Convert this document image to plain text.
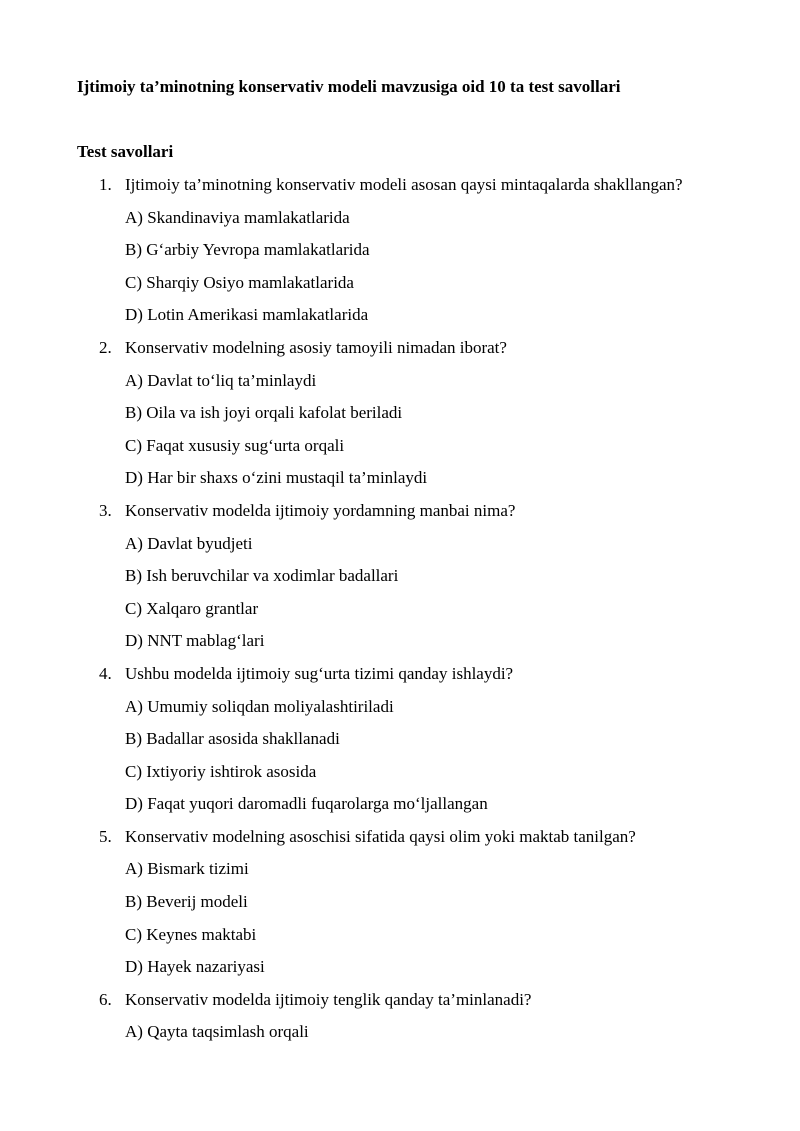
Ijtimoiy ta’minotning konservativ modeli mavzusiga oid 10 ta test savollari
Test savollari
1. Ijtimoiy ta’minotning konservativ modeli asosan qaysi mintaqalarda shakllangan?
A) Skandinaviya mamlakatlarida
B) G‘arbiy Yevropa mamlakatlarida
C) Sharqiy Osiyo mamlakatlarida
D) Lotin Amerikasi mamlakatlarida
2. Konservativ modelning asosiy tamoyili nimadan iborat?
A) Davlat to‘liq ta’minlaydi
B) Oila va ish joyi orqali kafolat beriladi
C) Faqat xususiy sug‘urta orqali
D) Har bir shaxs o‘zini mustaqil ta’minlaydi
3. Konservativ modelda ijtimoiy yordamning manbai nima?
A) Davlat byudjeti
B) Ish beruvchilar va xodimlar badallari
C) Xalqaro grantlar
D) NNT mablag‘lari
4. Ushbu modelda ijtimoiy sug‘urta tizimi qanday ishlaydi?
A) Umumiy soliqdan moliyalashtiriladi
B) Badallar asosida shakllanadi
C) Ixtiyoriy ishtirok asosida
D) Faqat yuqori daromadli fuqarolarga mo‘ljallangan
5. Konservativ modelning asoschisi sifatida qaysi olim yoki maktab tanilgan?
A) Bismark tizimi
B) Beverij modeli
C) Keynes maktabi
D) Hayek nazariyasi
6. Konservativ modelda ijtimoiy tenglik qanday ta’minlanadi?
A) Qayta taqsimlash orqali
